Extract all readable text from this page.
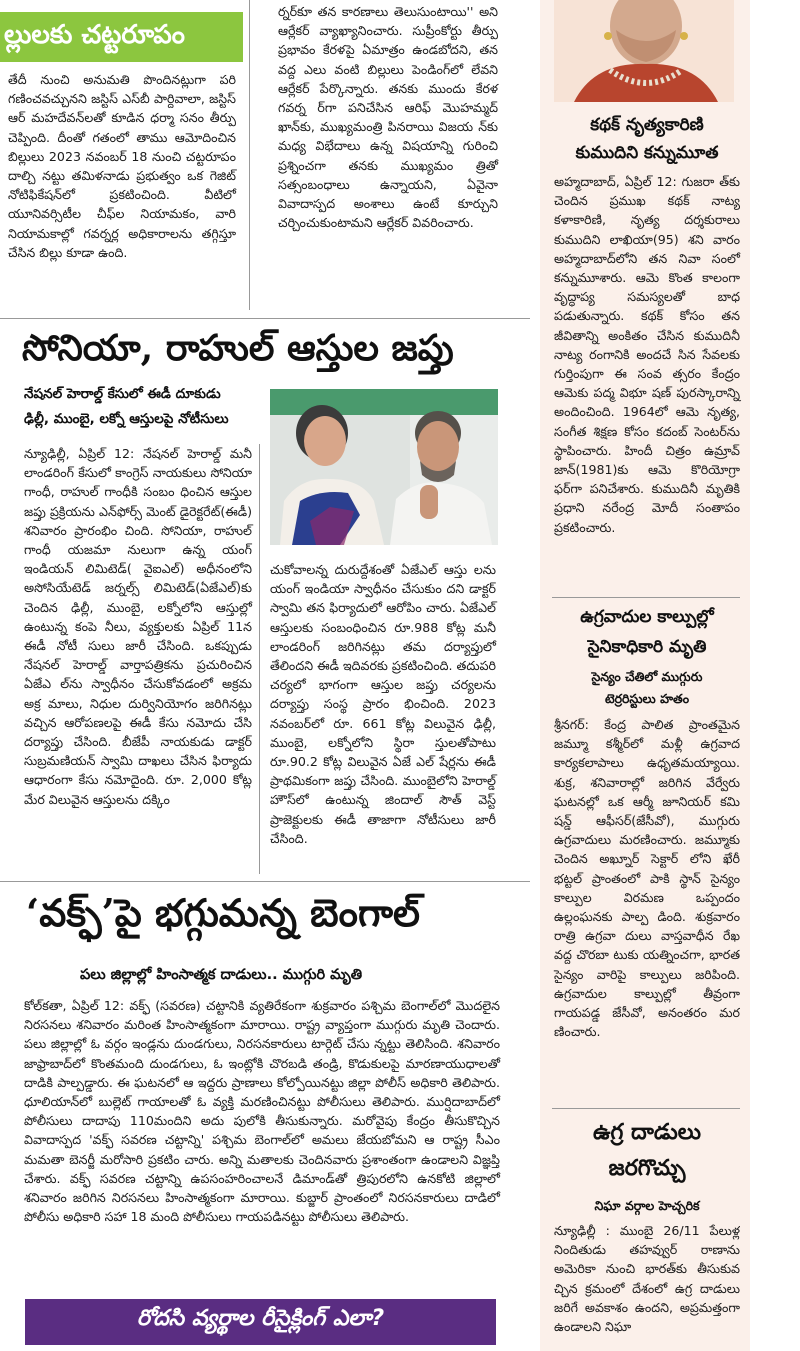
ల్లులకు చట్టరూపం

తేదీ నుంచి అనుమతి పొందినట్లుగా పరి గణించవచ్చునని జస్టిస్ ఎస్‌బీ పార్దివాలా, జస్టిస్ ఆర్ మహదేవన్‌లతో కూడిన ధర్మా సనం తీర్పు చెప్పింది. దీంతో గతంలో తాము ఆమోదించిన బిల్లులు 2023 నవంబర్ 18 నుంచి చట్టరూపం దాల్చి నట్టు తమిళనాడు ప్రభుత్వం ఒక గెజిట్ నోటిఫికేషన్‌లో ప్రకటించింది. వీటిలో యూనివర్సిటీల చీఫ్‌ల నియామకం, వారి నియామకాల్లో గవర్నర్ల అధికారాలను తగ్గిస్తూ చేసిన బిల్లు కూడా ఉంది.

ర్నర్‌కూ తన కారణాలు తెలుసుంటాయి'' అని ఆర్లేకర్ వ్యాఖ్యానించారు. సుప్రీంకోర్టు తీర్పు ప్రభావం కేరళపై ఏమాత్రం ఉండబోదని, తన వద్ద ఎలు వంటి బిల్లులు పెండింగ్‌లో లేవని ఆర్లేకర్ పేర్కొన్నారు. తనకు ముందు కేరళ గవర్న ర్‌గా పనిచేసిన ఆరిఫ్ మొహమ్మద్ ఖాన్‌కు, ముఖ్యమంత్రి పినరాయి విజయ న్‌కు మధ్య విభేదాలు ఉన్న విషయాన్ని గురించి ప్రశ్నించగా తనకు ముఖ్యమం త్రితో సత్సంబంధాలు ఉన్నాయని, ఏవైనా వివాదాస్పద అంశాలు ఉంటే కూర్చుని చర్చించుకుంటామని ఆర్లేకర్ వివరించారు.

సోనియా, రాహుల్ ఆస్తుల జప్తు
నేషనల్ హెరాల్డ్ కేసులో ఈడీ దూకుడు
ఢిల్లీ, ముంబై, లక్నో ఆస్తులపై నోటీసులు

న్యూఢిల్లీ, ఏప్రిల్ 12: నేషనల్ హెరాల్డ్ మనీ లాండరింగ్ కేసులో కాంగ్రెస్ నాయకులు సోనియా గాంధీ, రాహుల్ గాంధీకి సంబం ధించిన ఆస్తుల జప్తు ప్రక్రియను ఎన్‌ఫోర్స్ మెంట్ డైరెక్టరేట్(ఈడీ) శనివారం ప్రారంభిం చింది. సోనియా, రాహుల్ గాంధీ యజమా నులుగా ఉన్న యంగ్ ఇండియన్ లిమిటెడ్( వైఐఎల్) అధీనంలోని అసోసియేటెడ్ జర్నల్స్ లిమిటెడ్(ఏజేఎల్)కు చెందిన ఢిల్లీ, ముంబై, లక్నోలోని ఆస్తుల్లో ఉంటున్న కంపె నీలు, వ్యక్తులకు ఏప్రిల్ 11న ఈడీ నోటీ సులు జారీ చేసింది. ఒకప్పుడు నేషనల్ హెరాల్డ్ వార్తాపత్రికను ప్రచురించిన ఏజేఎ ల్‌ను స్వాధీనం చేసుకోవడంలో అక్రమ అక్ర మాలు, నిధుల దుర్వినియోగం జరిగినట్లు వచ్చిన ఆరోపణలపై ఈడీ కేసు నమోదు చేసి దర్యాప్తు చేసింది. బీజేపీ నాయకుడు డాక్టర్ సుబ్రమణియన్ స్వామి దాఖలు చేసిన ఫిర్యాదు ఆధారంగా కేసు నమోదైంది. రూ. 2,000 కోట్ల మేర విలువైన ఆస్తులను దక్కిం

చుకోవాలన్న దురుద్దేశంతో ఏజేఎల్ ఆస్తు లను యంగ్ ఇండియా స్వాధీనం చేసుకుం దని డాక్టర్ స్వామి తన ఫిర్యాదులో ఆరోపిం చారు. ఏజేఎల్ ఆస్తులకు సంబంధించిన రూ.988 కోట్ల మనీ లాండరింగ్ జరిగినట్లు తమ దర్యాప్తులో తేలిందని ఈడీ ఇదివరకు ప్రకటించింది. తదుపరి చర్యలో భాగంగా ఆస్తుల జప్తు చర్యలను దర్యాప్తు సంస్థ ప్రారం భించింది. 2023 నవంబర్‌లో రూ. 661 కోట్ల విలువైన ఢిల్లీ, ముంబై, లక్నోలోని స్థిరా స్తులతోపాటు రూ.90.2 కోట్ల విలువైన ఏజే ఎల్ షేర్లను ఈడీ ప్రాథమికంగా జప్తు చేసింది. ముంబైలోని హెరాల్డ్ హౌస్‌లో ఉంటున్న జిందాల్ సౌత్ వెస్ట్ ప్రాజెక్టులకు ఈడీ తాజాగా నోటీసులు జారీ చేసింది.

‘వక్ఫ్’పై భగ్గుమన్న బెంగాల్
పలు జిల్లాల్లో హింసాత్మక దాడులు.. ముగ్గురి మృతి

కోల్‌కతా, ఏప్రిల్ 12: వక్ఫ్ (సవరణ) చట్టానికి వ్యతిరేకంగా శుక్రవారం పశ్చిమ బెంగాల్‌లో మొదలైన నిరసనలు శనివారం మరింత హింసాత్మకంగా మారాయి. రాష్ట్ర వ్యాప్తంగా ముగ్గురు మృతి చెందారు. పలు జిల్లాల్లో ఓ వర్గం ఇండ్లను దుండగులు, నిరసనకారులు టార్గెట్ చేసు న్నట్టు తెలిసింది. శనివారం జాఫ్రాబాద్‌లో కొంతమంది దుండగులు, ఓ ఇంట్లోకి చొరబడి తండ్రి, కొడుకులపై మారణాయుధాలతో దాడికి పాల్పడ్డారు. ఈ ఘటనలో ఆ ఇద్దరు ప్రాణాలు కోల్పోయినట్టు జిల్లా పోలీస్ అధికారి తెలిపారు. ధూలియాన్‌లో బుల్లెట్ గాయాలతో ఓ వ్యక్తి మరణించినట్టు పోలీసులు తెలిపారు. ముర్షిదాబాద్‌లో పోలీసులు దాదాపు 110మందిని అదు పులోకి తీసుకున్నారు. మరోవైపు కేంద్రం తీసుకొచ్చిన వివాదాస్పద 'వక్ఫ్ సవరణ చట్టాన్ని' పశ్చిమ బెంగాల్‌లో అమలు జేయబోమని ఆ రాష్ట్ర సీఎం మమతా బెనర్జీ మరోసారి ప్రకటిం చారు. అన్ని మతాలకు చెందినవారు ప్రశాంతంగా ఉండాలని విజ్ఞప్తి చేశారు. వక్ఫ్ సవరణ చట్టాన్ని ఉపసంహరించాలనే డిమాండ్‌తో త్రిపురలోని ఉనకోటి జిల్లాలో శనివారం జరిగిన నిరసనలు హింసాత్మకంగా మారాయి. కుబ్జార్ ప్రాంతంలో నిరసనకారులు దాడిలో పోలీసు అధికారి సహా 18 మంది పోలీసులు గాయపడినట్టు పోలీసులు తెలిపారు.

రోదసి వ్యర్థాల రీసైక్లింగ్ ఎలా?
కథక్ నృత్యకారిణి
కుముదిని కన్నుమూత

అహ్మదాబాద్, ఏప్రిల్ 12: గుజరా త్‌కు చెందిన ప్రముఖ కథక్ నాట్య కళాకారిణి, నృత్య దర్శకురాలు కుముదిని లాఖియా(95) శని వారం అహ్మదాబాద్‌లోని తన నివా సంలో కన్నుమూశారు. ఆమె కొంత కాలంగా వృద్ధాప్య సమస్యలతో బాధ పడుతున్నారు. కథక్ కోసం తన జీవితాన్ని అంకితం చేసిన కుముదినీ నాట్య రంగానికి అందచే సిన సేవలకు గుర్తింపుగా ఈ సంవ త్సరం కేంద్రం ఆమెకు పద్మ విభూ షణ్ పురస్కారాన్ని అందించింది. 1964లో ఆమె నృత్య, సంగీత శిక్షణ కోసం కదంబ్ సెంటర్‌ను స్థాపించారు. హిందీ చిత్రం ఉమ్రావ్ జాన్(1981)కు ఆమె కొరియోగ్రా ఫర్‌గా పనిచేశారు. కుముదినీ మృతికి ప్రధాని నరేంద్ర మోదీ సంతాపం ప్రకటించారు.

ఉగ్రవాదుల కాల్పుల్లో
సైనికాధికారి మృతి
సైన్యం చేతిలో ముగ్గురు
టెర్రరిస్టులు హతం

శ్రీనగర్: కేంద్ర పాలిత ప్రాంతమైన జమ్మూ కశ్మీర్‌లో మళ్లీ ఉగ్రవాద కార్యకలాపాలు ఉధృతమయ్యాయి. శుక్ర, శనివారాల్లో జరిగిన వేర్వేరు ఘటనల్లో ఒక ఆర్మీ జూనియర్ కమి షన్డ్ ఆఫీసర్(జేసీవో), ముగ్గురు ఉగ్రవాదులు మరణించారు. జమ్మూకు చెందిన అఖ్నూర్ సెక్టార్ లోని ఖేరీ భట్టల్ ప్రాంతంలో పాకి స్థాన్ సైన్యం కాల్పుల విరమణ ఒప్పందం ఉల్లంఘనకు పాల్ప డింది. శుక్రవారం రాత్రి ఉగ్రవా దులు వాస్తవాధీన రేఖ వద్ద చొరబా టుకు యత్నించగా, భారత సైన్యం వారిపై కాల్పులు జరిపింది. ఉగ్రవాదుల కాల్పుల్లో తీవ్రంగా గాయపడ్డ జేసీవో, అనంతరం మర ణించారు.

ఉగ్ర దాడులు
జరగొచ్చు
నిఘా వర్గాల హెచ్చరిక

న్యూఢిల్లీ : ముంబై 26/11 పేలుళ్ల నిందితుడు తహవ్వుర్ రాణాను అమెరికా నుంచి భారత్‌కు తీసుకువ చ్చిన క్రమంలో దేశంలో ఉగ్ర దాడులు జరిగే అవకాశం ఉందని, అప్రమత్తంగా ఉండాలని నిఘా
